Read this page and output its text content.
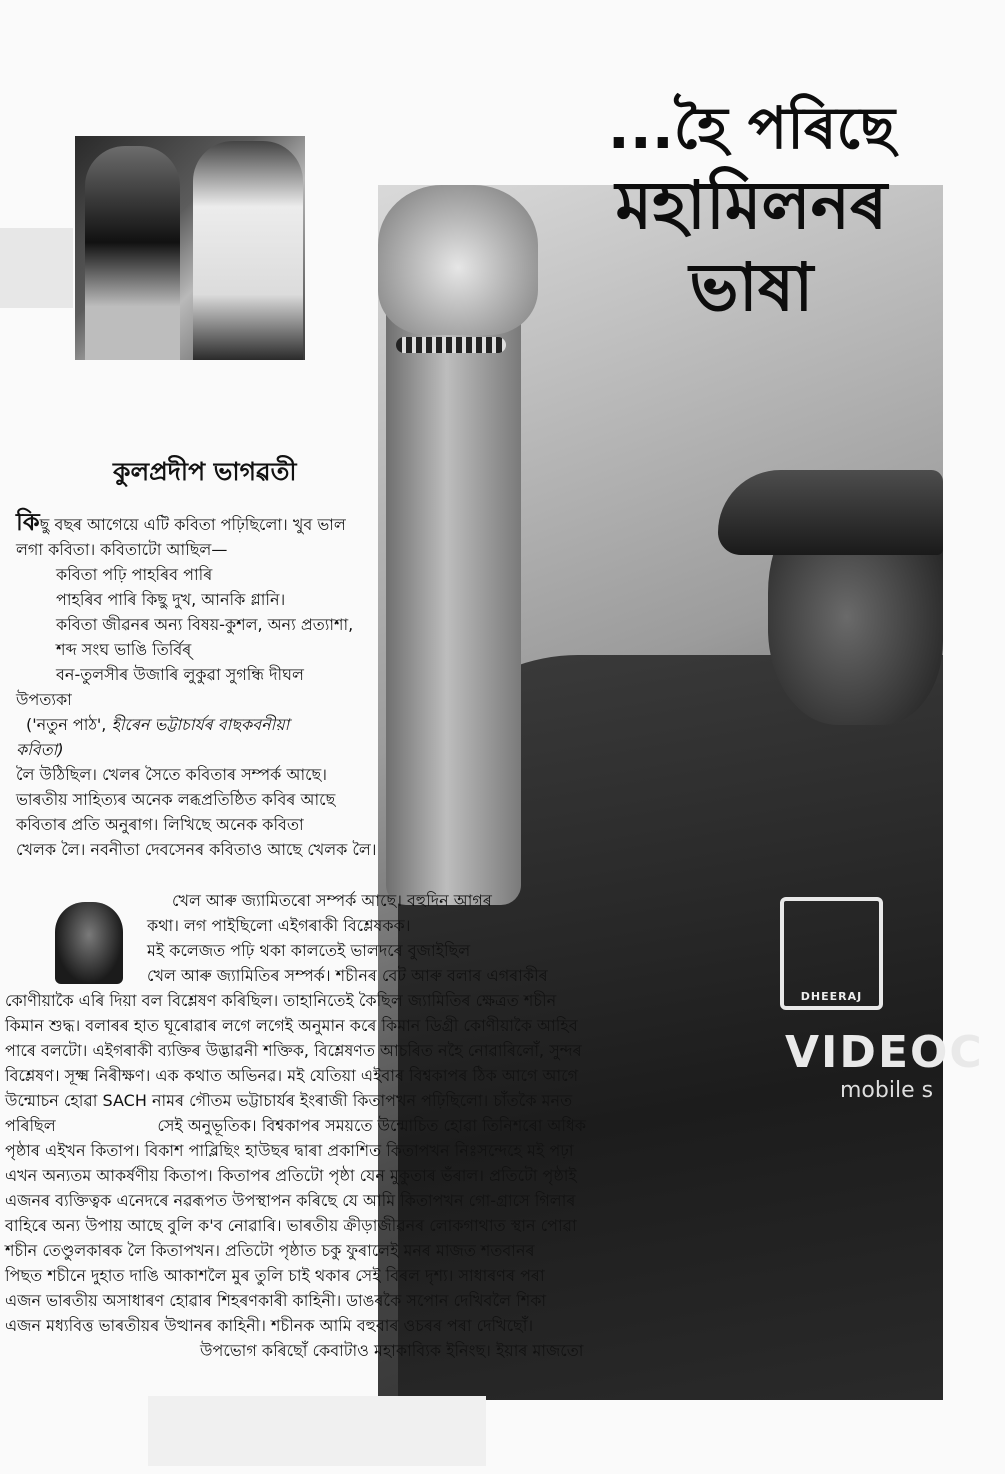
DHEERAJ
VIDEOC
mobile s
...হৈ পৰিছে
মহামিলনৰ
ভাষা
কুলপ্ৰদীপ ভাগৱতী
কিছু বছৰ আগেয়ে এটি কবিতা পঢ়িছিলো। খুব ভাল
লগা কবিতা। কবিতাটো আছিল—
কবিতা পঢ়ি পাহৰিব পাৰি
পাহৰিব পাৰি কিছু দুখ, আনকি গ্লানি।
কবিতা জীৱনৰ অন্য বিষয়-কুশল, অন্য প্ৰত্যাশা,
শব্দ সংঘ ভাঙি তিৰ্বিৰ্
বন-তুলসীৰ উজাৰি লুকুৱা সুগন্ধি দীঘল
উপত্যকা
('নতুন পাঠ', হীৰেন ভট্টাচাৰ্যৰ বাছকবনীয়া
কবিতা)
লৈ উঠিছিল। খেলৰ সৈতে কবিতাৰ সম্পৰ্ক আছে।
ভাৰতীয় সাহিত্যৰ অনেক লব্ধপ্ৰতিষ্ঠিত কবিৰ আছে
কবিতাৰ প্ৰতি অনুৰাগ। লিখিছে অনেক কবিতা
খেলক লৈ। নবনীতা দেবসেনৰ কবিতাও আছে খেলক লৈ।
খেল আৰু জ্যামিতৰো সম্পৰ্ক আছে। বহুদিন আগৰ
কথা। লগ পাইছিলো এইগৰাকী বিশ্লেষকক।
মই কলেজত পঢ়ি থকা কালতেই ভালদৰে বুজাইছিল
খেল আৰু জ্যামিতিৰ সম্পৰ্ক। শচীনৰ বেট আৰু বলাৰ এগৰাকীৰ
কোণীয়াকৈ এৰি দিয়া বল বিশ্লেষণ কৰিছিল। তাহানিতেই কৈছিল জ্যামিতিৰ ক্ষেত্ৰত শচীন
কিমান শুদ্ধ। বলাৰৰ হাত ঘূৰোৱাৰ লগে লগেই অনুমান কৰে কিমান ডিগ্ৰী কোণীয়াকৈ আহিব
পাৰে বলটো। এইগৰাকী ব্যক্তিৰ উদ্ভাৱনী শক্তিক, বিশ্লেষণত আচৰিত নহৈ নোৱাৰিলোঁ, সুন্দৰ
বিশ্লেষণ। সূক্ষ্ম নিৰীক্ষণ। এক কথাত অভিনৱ। মই যেতিয়া এইবাৰ বিশ্বকাপৰ ঠিক আগে আগে
উন্মোচন হোৱা SACH নামৰ গৌতম ভট্টাচাৰ্যৰ ইংৰাজী কিতাপখন পঢ়িছিলো। চাঁতকৈ মনত
পৰিছিল                    সেই অনুভূতিক। বিশ্বকাপৰ সময়তে উন্মোচিত হোৱা তিনিশৰো অধিক
পৃষ্ঠাৰ এইখন কিতাপ। বিকাশ পাব্লিছিং হাউছৰ দ্বাৰা প্ৰকাশিত কিতাপখন নিঃসন্দেহে মই পঢ়া
এখন অন্যতম আকৰ্ষণীয় কিতাপ। কিতাপৰ প্ৰতিটো পৃষ্ঠা যেন মুকুতাৰ ভঁৰাল। প্ৰতিটো পৃষ্ঠাই
এজনৰ ব্যক্তিত্বক এনেদৰে নৱৰূপত উপস্থাপন কৰিছে যে আমি কিতাপখন গো-গ্ৰাসে গিলাৰ
বাহিৰে অন্য উপায় আছে বুলি ক'ব নোৱাৰি। ভাৰতীয় ক্ৰীড়াজীৱনৰ লোকগাথাত স্থান পোৱা
শচীন তেণ্ডুলকাৰক লৈ কিতাপখন। প্ৰতিটো পৃষ্ঠাত চকু ফুৰালেই মনৰ মাজত শতবানৰ
পিছত শচীনে দুহাত দাঙি আকাশলৈ মুৰ তুলি চাই থকাৰ সেই বিৰল দৃশ্য। সাধাৰণৰ পৰা
এজন ভাৰতীয় অসাধাৰণ হোৱাৰ শিহৰণকাৰী কাহিনী। ডাঙৰকৈ সপোন দেখিবলৈ শিকা
এজন মধ্যবিত্ত ভাৰতীয়ৰ উত্থানৰ কাহিনী। শচীনক আমি বহুবাৰ ওচৰৰ পৰা দেখিছোঁ।
উপভোগ কৰিছোঁ কেবাটাও মহাকাব্যিক ইনিংছ। ইয়াৰ মাজতো
